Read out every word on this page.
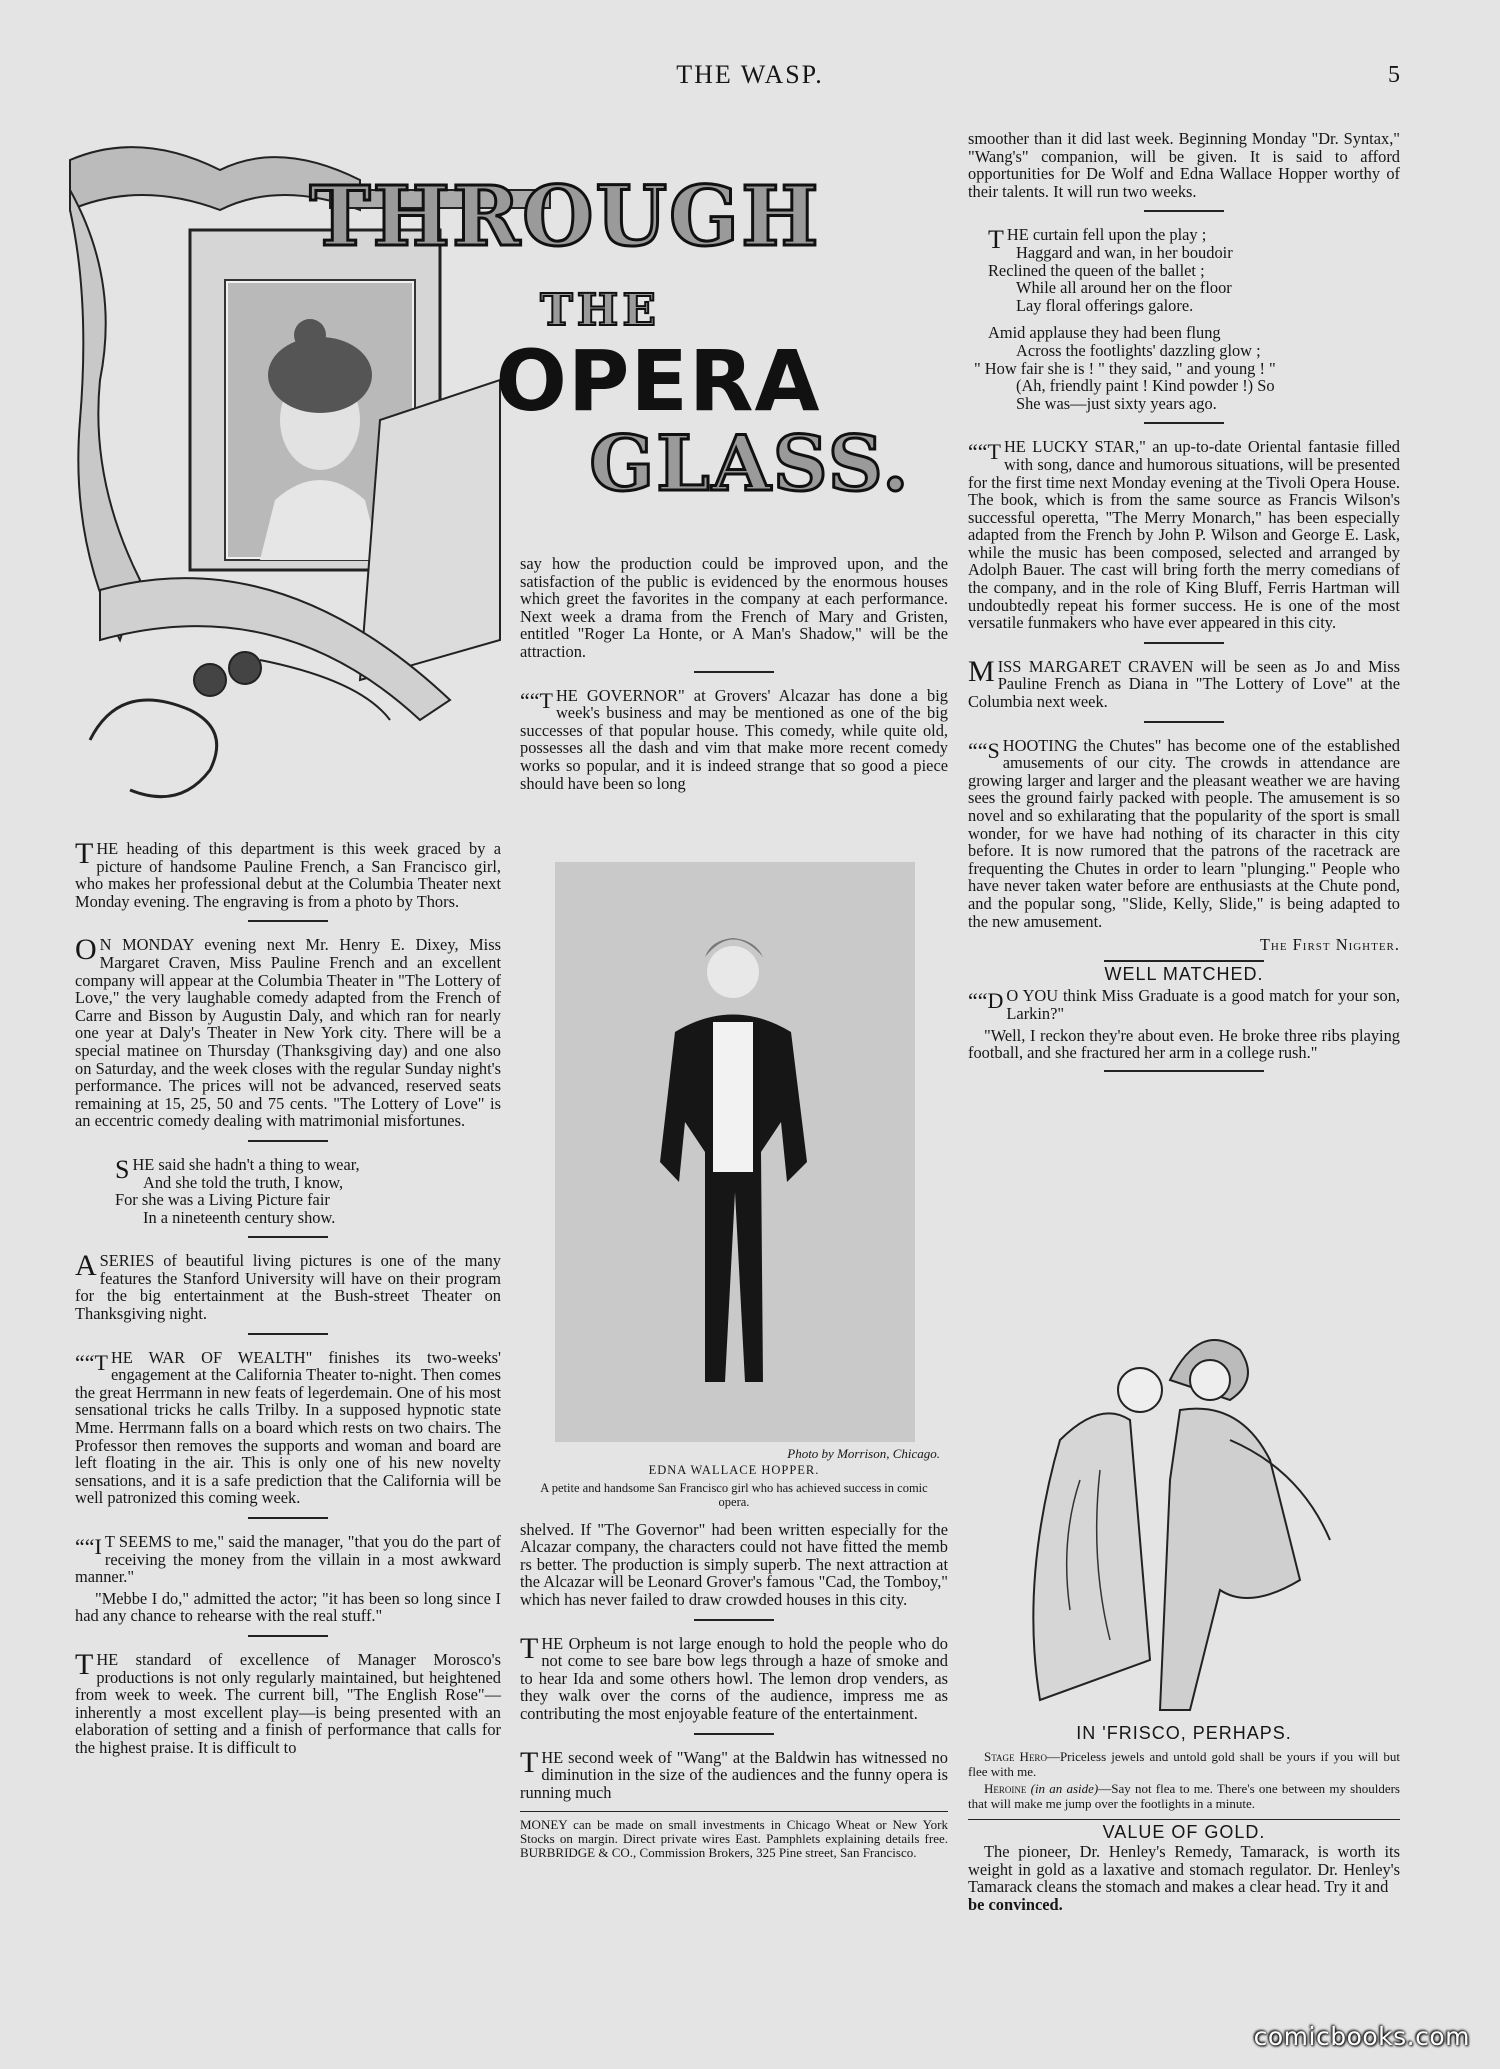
THE WASP.	5
THROUGH
THE
OPERA
GLASS.

THE heading of this department is this week graced by a picture of handsome Pauline French, a San Francisco girl, who makes her professional debut at the Columbia Theater next Monday evening. The engraving is from a photo by Thors.

O N MONDAY evening next Mr. Henry E. Dixey, Miss Margaret Craven, Miss Pauline French and an excellent company will appear at the Columbia Theater in "The Lottery of Love," the very laughable comedy adapted from the French of Carre and Bisson by Augustin Daly, and which ran for nearly one year at Daly's Theater in New York city. There will be a special matinee on Thursday (Thanksgiving day) and one also on Saturday, and the week closes with the regular Sunday night's performance. The prices will not be advanced, reserved seats remaining at 15, 25, 50 and 75 cents. "The Lottery of Love" is an eccentric comedy dealing with matrimonial misfortunes.

SHE said she hadn't a thing to wear,
And she told the truth, I know,
For she was a Living Picture fair
In a nineteenth century show.

A SERIES of beautiful living pictures is one of the many features the Stanford University will have on their program for the big entertainment at the Bush-street Theater on Thanksgiving night.

““T HE WAR OF WEALTH" finishes its two-weeks' engagement at the California Theater to-night. Then comes the great Herrmann in new feats of legerdemain. One of his most sensational tricks he calls Trilby. In a supposed hypnotic state Mme. Herrmann falls on a board which rests on two chairs. The Professor then removes the supports and woman and board are left floating in the air. This is only one of his new novelty sensations, and it is a safe prediction that the California will be well patronized this coming week.

““I T SEEMS to me," said the manager, "that you do the part of receiving the money from the villain in a most awkward manner."

"Mebbe I do," admitted the actor; "it has been so long since I had any chance to rehearse with the real stuff."

THE standard of excellence of Manager Morosco's productions is not only regularly maintained, but heightened from week to week. The current bill, "The English Rose"—inherently a most excellent play—is being presented with an elaboration of setting and a finish of performance that calls for the highest praise. It is difficult to

say how the production could be improved upon, and the satisfaction of the public is evidenced by the enormous houses which greet the favorites in the company at each performance. Next week a drama from the French of Mary and Gristen, entitled "Roger La Honte, or A Man's Shadow," will be the attraction.

““T HE GOVERNOR" at Grovers' Alcazar has done a big week's business and may be mentioned as one of the big successes of that popular house. This comedy, while quite old, possesses all the dash and vim that make more recent comedy works so popular, and it is indeed strange that so good a piece should have been so long

Photo by Morrison, Chicago.
EDNA WALLACE HOPPER.
A petite and handsome San Francisco girl who has achieved success in comic opera.

shelved. If "The Governor" had been written especially for the Alcazar company, the characters could not have fitted the memb rs better. The production is simply superb. The next attraction at the Alcazar will be Leonard Grover's famous "Cad, the Tomboy," which has never failed to draw crowded houses in this city.

THE Orpheum is not large enough to hold the people who do not come to see bare bow legs through a haze of smoke and to hear Ida and some others howl. The lemon drop venders, as they walk over the corns of the audience, impress me as contributing the most enjoyable feature of the entertainment.

THE second week of "Wang" at the Baldwin has witnessed no diminution in the size of the audiences and the funny opera is running much

MONEY can be made on small investments in Chicago Wheat or New York Stocks on margin. Direct private wires East. Pamphlets explaining details free. BURBRIDGE & CO., Commission Brokers, 325 Pine street, San Francisco.

smoother than it did last week. Beginning Monday "Dr. Syntax," "Wang's" companion, will be given. It is said to afford opportunities for De Wolf and Edna Wallace Hopper worthy of their talents. It will run two weeks.

THE curtain fell upon the play ;
Haggard and wan, in her boudoir
Reclined the queen of the ballet ;
While all around her on the floor
Lay floral offerings galore.
Amid applause they had been flung
Across the footlights' dazzling glow ;
" How fair she is ! " they said, " and young ! "
(Ah, friendly paint ! Kind powder !) So
She was—just sixty years ago.

““T HE LUCKY STAR," an up-to-date Oriental fantasie filled with song, dance and humorous situations, will be presented for the first time next Monday evening at the Tivoli Opera House. The book, which is from the same source as Francis Wilson's successful operetta, "The Merry Monarch," has been especially adapted from the French by John P. Wilson and George E. Lask, while the music has been composed, selected and arranged by Adolph Bauer. The cast will bring forth the merry comedians of the company, and in the role of King Bluff, Ferris Hartman will undoubtedly repeat his former success. He is one of the most versatile funmakers who have ever appeared in this city.

MISS MARGARET CRAVEN will be seen as Jo and Miss Pauline French as Diana in "The Lottery of Love" at the Columbia next week.

““S HOOTING the Chutes" has become one of the established amusements of our city. The crowds in attendance are growing larger and larger and the pleasant weather we are having sees the ground fairly packed with people. The amusement is so novel and so exhilarating that the popularity of the sport is small wonder, for we have had nothing of its character in this city before. It is now rumored that the patrons of the racetrack are frequenting the Chutes in order to learn "plunging." People who have never taken water before are enthusiasts at the Chute pond, and the popular song, "Slide, Kelly, Slide," is being adapted to the new amusement.

The First Nighter.
WELL MATCHED.

““D O YOU think Miss Graduate is a good match for your son, Larkin?"

"Well, I reckon they're about even. He broke three ribs playing football, and she fractured her arm in a college rush."

IN 'FRISCO, PERHAPS.
Stage Hero—Priceless jewels and untold gold shall be yours if you will but flee with me.
Heroine (in an aside)—Say not flea to me. There's one between my shoulders that will make me jump over the footlights in a minute.
VALUE OF GOLD.

The pioneer, Dr. Henley's Remedy, Tamarack, is worth its weight in gold as a laxative and stomach regulator. Dr. Henley's Tamarack cleans the stomach and makes a clear head. Try it and

be convinced.

comicbooks.com
